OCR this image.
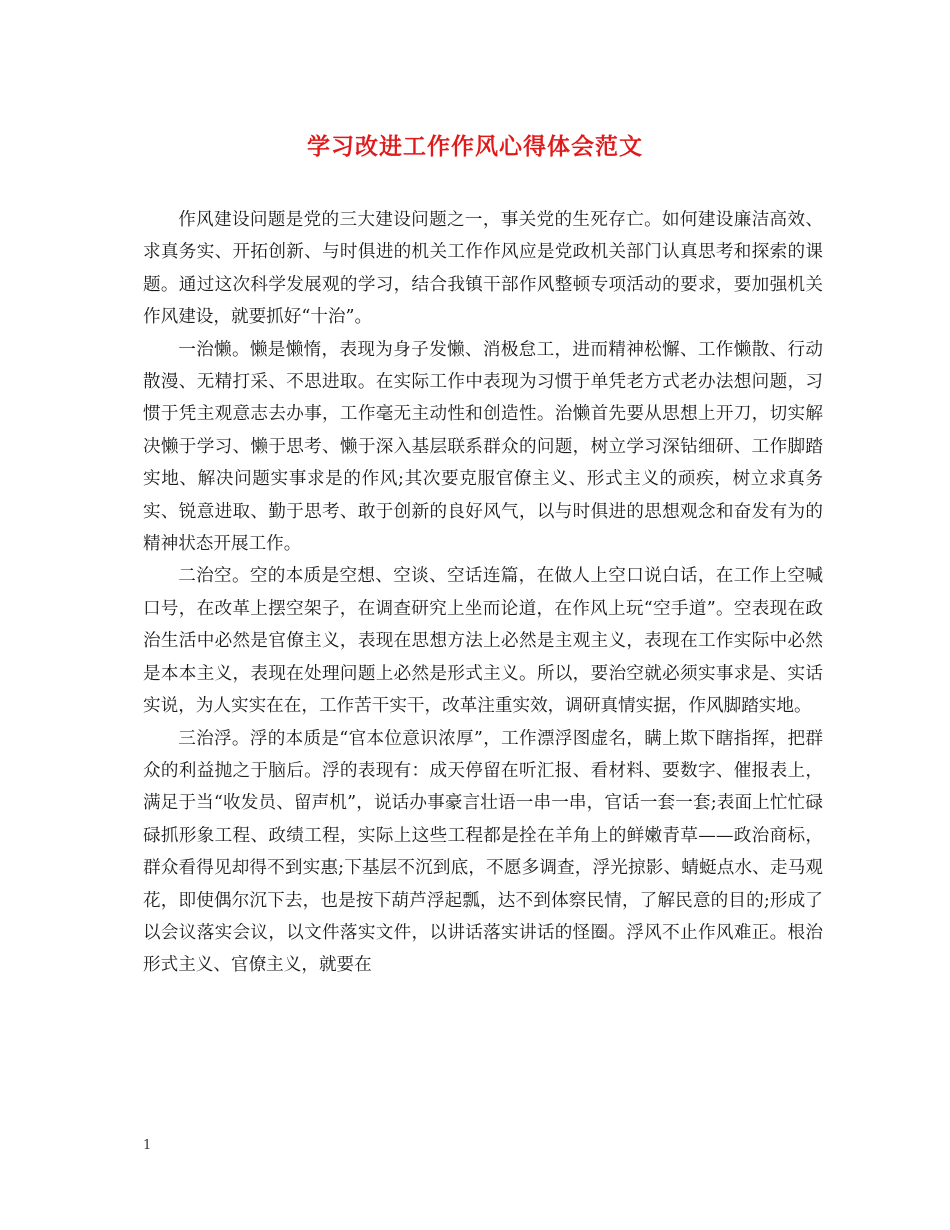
学习改进工作作风心得体会范文

作风建设问题是党的三大建设问题之一，事关党的生死存亡。如何建设廉洁高效、求真务实、开拓创新、与时俱进的机关工作作风应是党政机关部门认真思考和探索的课题。通过这次科学发展观的学习，结合我镇干部作风整顿专项活动的要求，要加强机关作风建设，就要抓好“十治”。

一治懒。懒是懒惰，表现为身子发懒、消极怠工，进而精神松懈、工作懒散、行动散漫、无精打采、不思进取。在实际工作中表现为习惯于单凭老方式老办法想问题，习惯于凭主观意志去办事，工作毫无主动性和创造性。治懒首先要从思想上开刀，切实解决懒于学习、懒于思考、懒于深入基层联系群众的问题，树立学习深钻细研、工作脚踏实地、解决问题实事求是的作风;其次要克服官僚主义、形式主义的顽疾，树立求真务实、锐意进取、勤于思考、敢于创新的良好风气，以与时俱进的思想观念和奋发有为的精神状态开展工作。

二治空。空的本质是空想、空谈、空话连篇，在做人上空口说白话，在工作上空喊口号，在改革上摆空架子，在调查研究上坐而论道，在作风上玩“空手道”。空表现在政治生活中必然是官僚主义，表现在思想方法上必然是主观主义，表现在工作实际中必然是本本主义，表现在处理问题上必然是形式主义。所以，要治空就必须实事求是、实话实说，为人实实在在，工作苦干实干，改革注重实效，调研真情实据，作风脚踏实地。

三治浮。浮的本质是“官本位意识浓厚”，工作漂浮图虚名，瞒上欺下瞎指挥，把群众的利益抛之于脑后。浮的表现有：成天停留在听汇报、看材料、要数字、催报表上，满足于当“收发员、留声机”，说话办事豪言壮语一串一串，官话一套一套;表面上忙忙碌碌抓形象工程、政绩工程，实际上这些工程都是拴在羊角上的鲜嫩青草——政治商标，群众看得见却得不到实惠;下基层不沉到底，不愿多调查，浮光掠影、蜻蜓点水、走马观花，即使偶尔沉下去，也是按下葫芦浮起瓢，达不到体察民情，了解民意的目的;形成了以会议落实会议，以文件落实文件，以讲话落实讲话的怪圈。浮风不止作风难正。根治形式主义、官僚主义，就要在

1
